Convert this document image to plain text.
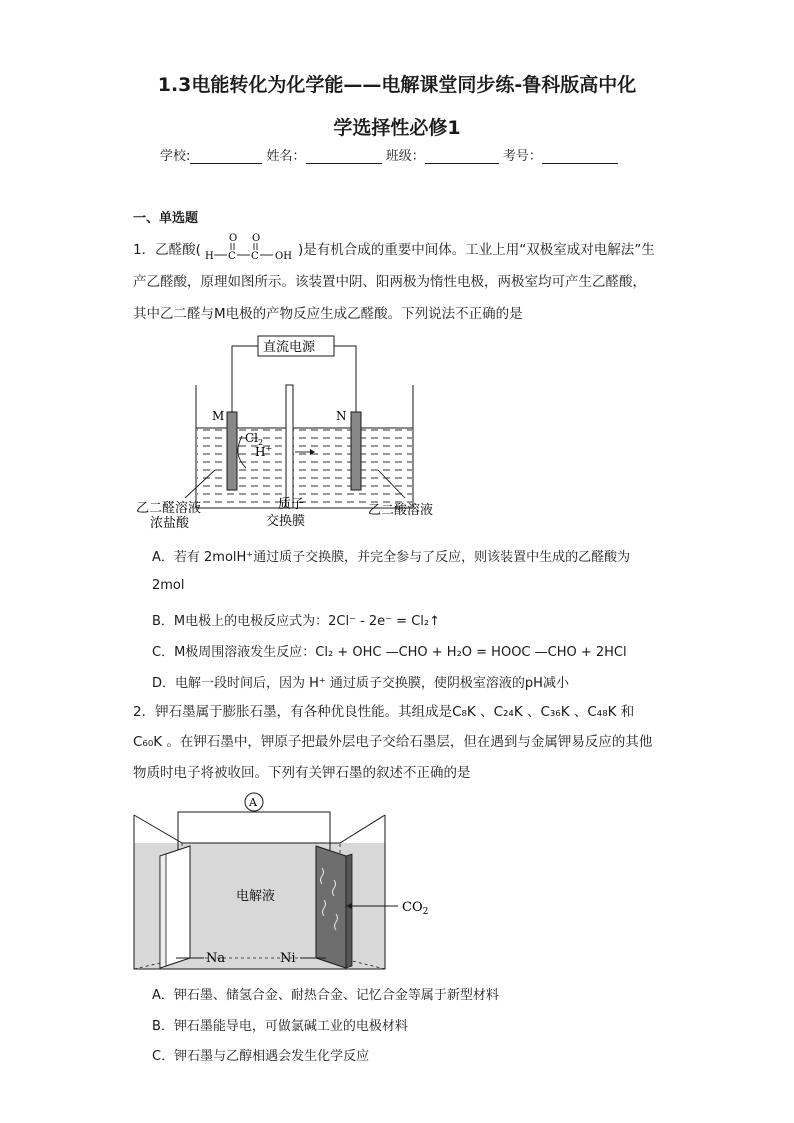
1.3电能转化为化学能——电解课堂同步练-鲁科版高中化
学选择性必修1
学校:	姓名：	班级：	考号：
一、单选题
1．乙醛酸(
O O
H C C OH )是有机合成的重要中间体。工业上用“双极室成对电解法”生
产乙醛酸，原理如图所示。该装置中阴、阳两极为惰性电极，两极室均可产生乙醛酸，
其中乙二醛与M电极的产物反应生成乙醛酸。下列说法不正确的是
直流电源
M	N
$Cl_2$
H+
乙二醛溶液
浓盐酸
质子
交换膜
乙二酸溶液
A．若有 2molH⁺通过质子交换膜，并完全参与了反应，则该装置中生成的乙醛酸为
2mol
B．M电极上的电极反应式为：2Cl⁻ - 2e⁻ = Cl₂↑
C．M极周围溶液发生反应：Cl₂ + OHC —CHO + H₂O = HOOC —CHO + 2HCl
D．电解一段时间后，因为 H⁺ 通过质子交换膜，使阴极室溶液的pH减小
2．钾石墨属于膨胀石墨，有各种优良性能。其组成是C₈K 、C₂₄K 、C₃₆K 、C₄₈K 和
C₆₀K 。在钾石墨中，钾原子把最外层电子交给石墨层，但在遇到与金属钾易反应的其他
物质时电子将被收回。下列有关钾石墨的叙述不正确的是
A
电解液
$CO_2$
Na	Ni
A．钾石墨、储氢合金、耐热合金、记忆合金等属于新型材料
B．钾石墨能导电，可做氯碱工业的电极材料
C．钾石墨与乙醇相遇会发生化学反应
